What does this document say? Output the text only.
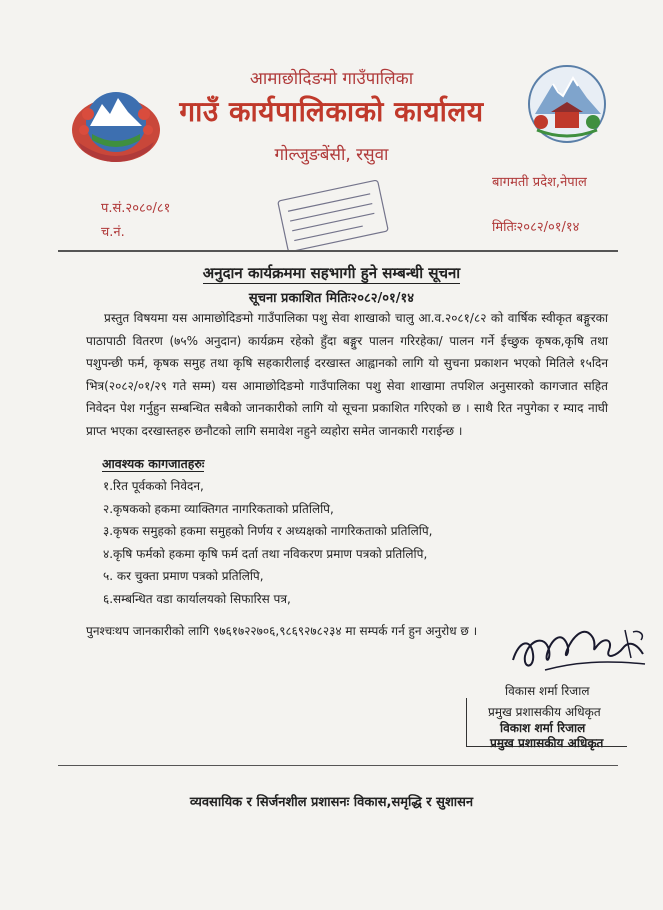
आमाछोदिङमो गाउँपालिका
गाउँ कार्यपालिकाको कार्यालय
गोल्जुङबेंसी, रसुवा
बागमती प्रदेश,नेपाल
प.सं.२०८०/८१
च.नं.	मितिः२०८२/०१/१४
अनुदान कार्यक्रममा सहभागी हुने सम्बन्धी सूचना
सूचना प्रकाशित मितिः२०८२/०१/१४
प्रस्तुत विषयमा यस आमाछोदिङमो गाउँपालिका पशु सेवा शाखाको चालु आ.व.२०८१/८२ को वार्षिक स्वीकृत बङ्गुरका पाठापाठी वितरण (७५% अनुदान) कार्यक्रम रहेको हुँदा बङ्गुर पालन गरिरहेका/ पालन गर्ने ईच्छुक कृषक,कृषि तथा पशुपन्छी फर्म, कृषक समुह तथा कृषि सहकारीलाई दरखास्त आह्वानको लागि यो सुचना प्रकाशन भएको मितिले १५दिन भित्र(२०८२/०१/२९ गते सम्म) यस आमाछोदिङमो गाउँपालिका पशु सेवा शाखामा तपशिल अनुसारको कागजात सहित निवेदन पेश गर्नुहुन सम्बन्धित सबैको जानकारीको लागि यो सूचना प्रकाशित गरिएको छ । साथै रित नपुगेका र म्याद नाघी प्राप्त भएका दरखास्तहरु छनौटको लागि समावेश नहुने व्यहोरा समेत जानकारी गराईन्छ ।
आवश्यक कागजातहरुः
१.रित पूर्वकको निवेदन,
२.कृषकको हकमा व्याक्तिगत नागरिकताको प्रतिलिपि,
३.कृषक समुहको हकमा समुहको निर्णय र अध्यक्षको नागरिकताको प्रतिलिपि,
४.कृषि फर्मको हकमा कृषि फर्म दर्ता तथा नविकरण प्रमाण पत्रको प्रतिलिपि,
५. कर चुक्ता प्रमाण पत्रको प्रतिलिपि,
६.सम्बन्धित वडा कार्यालयको सिफारिस पत्र,
पुनश्चःथप जानकारीको लागि ९७६१७२२७०६,९८६९२७८२३४ मा सम्पर्क गर्न हुन अनुरोध छ ।
विकास शर्मा रिजाल
प्रमुख प्रशासकीय अधिकृत
विकाश शर्मा रिजाल
प्रमुख प्रशासकीय अधिकृत
व्यवसायिक र सिर्जनशील प्रशासनः विकास,समृद्धि र सुशासन
